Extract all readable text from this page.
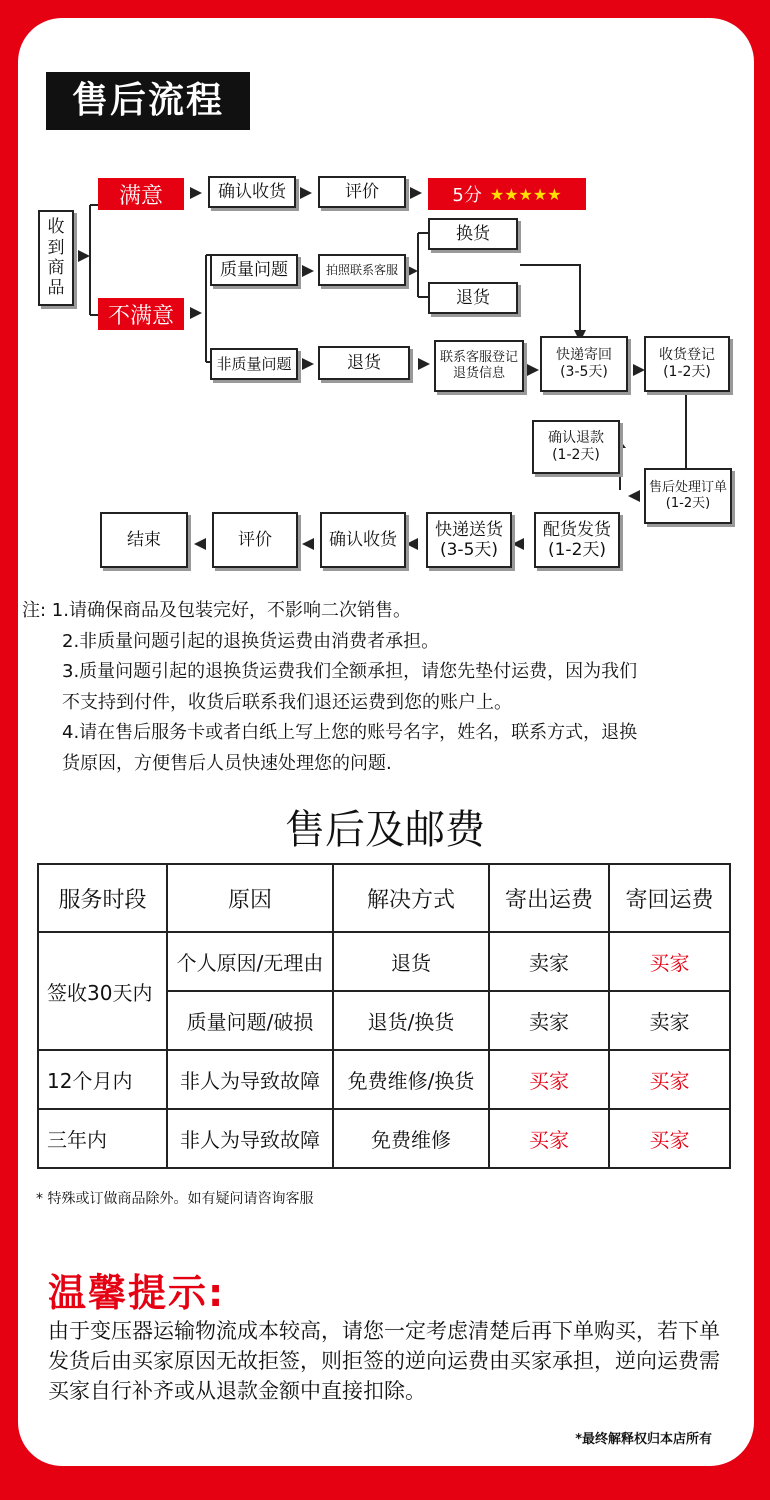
售后流程
收
到
商
品
满意
不满意
确认收货	评价	5分 ★★★★★
质量问题	拍照联系客服
换货
退货
非质量问题	退货	联系客服登记
退货信息
快递寄回
(3-5天)
收货登记
(1-2天)
确认退款
(1-2天)
售后处理订单
(1-2天)
配货发货
(1-2天)
快递送货
(3-5天)
确认收货
评价
结束
注: 1.请确保商品及包装完好，不影响二次销售。
2.非质量问题引起的退换货运费由消费者承担。
3.质量问题引起的退换货运费我们全额承担，请您先垫付运费，因为我们
不支持到付件，收货后联系我们退还运费到您的账户上。
4.请在售后服务卡或者白纸上写上您的账号名字，姓名，联系方式，退换
货原因，方便售后人员快速处理您的问题.
售后及邮费
服务时段	原因	解决方式	寄出运费	寄回运费
签收30天内	个人原因/无理由	退货	卖家	买家
	质量问题/破损	退货/换货	卖家	卖家
12个月内	非人为导致故障	免费维修/换货	买家	买家
三年内	非人为导致故障	免费维修	买家	买家
* 特殊或订做商品除外。如有疑问请咨询客服
温馨提示:
由于变压器运输物流成本较高，请您一定考虑清楚后再下单购买，若下单发货后由买家原因无故拒签，则拒签的逆向运费由买家承担，逆向运费需买家自行补齐或从退款金额中直接扣除。
*最终解释权归本店所有
